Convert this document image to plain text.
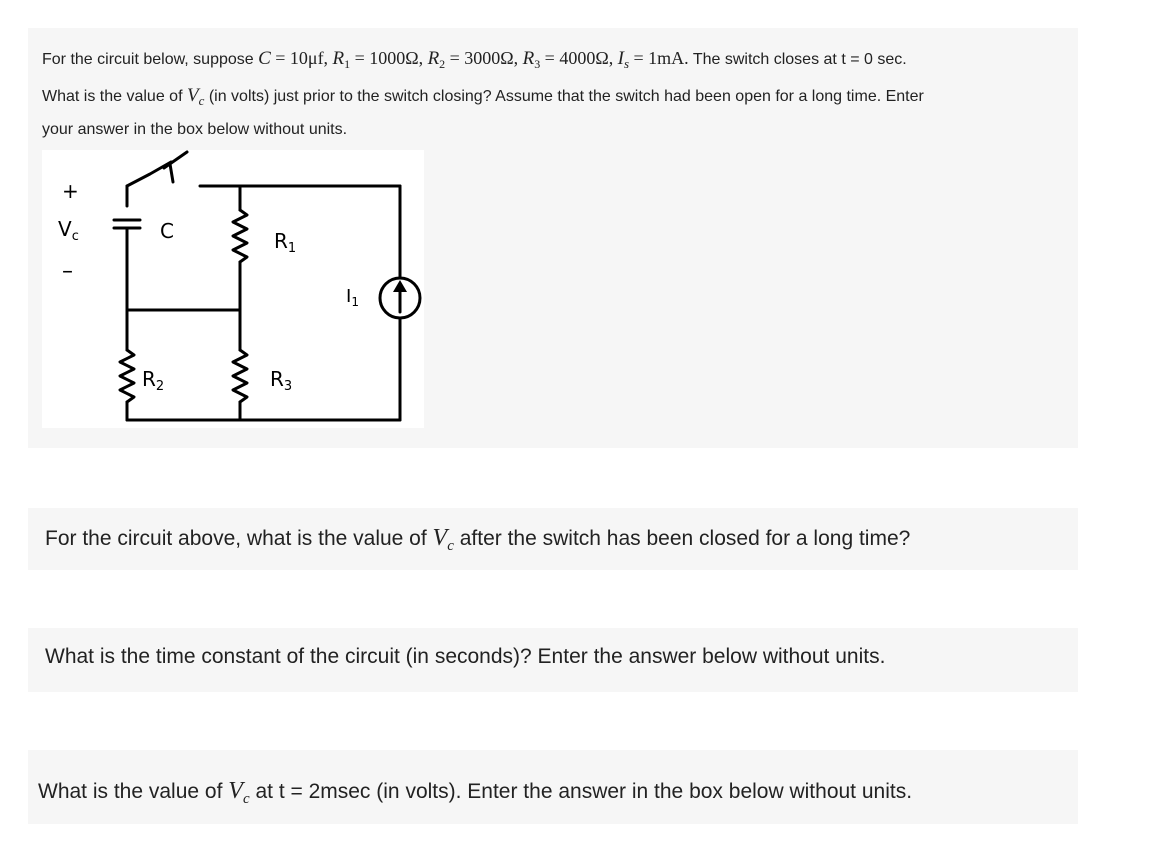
For the circuit below, suppose C = 10μf, $R_1 = 1000\Omega$, $R_2 = 3000\Omega$, $R_3 = 4000\Omega$, $I_s = 1mA$. The switch closes at t = 0 sec.
What is the value of $V_c$ (in volts) just prior to the switch closing? Assume that the switch had been open for a long time. Enter
your answer in the box below without units.
+
$V_c$
–
C	$R_1$
$R_2$	$R_3$
$I_1$
For the circuit above, what is the value of $V_c$ after the switch has been closed for a long time?
What is the time constant of the circuit (in seconds)? Enter the answer below without units.
What is the value of $V_c$ at t = 2msec (in volts). Enter the answer in the box below without units.
